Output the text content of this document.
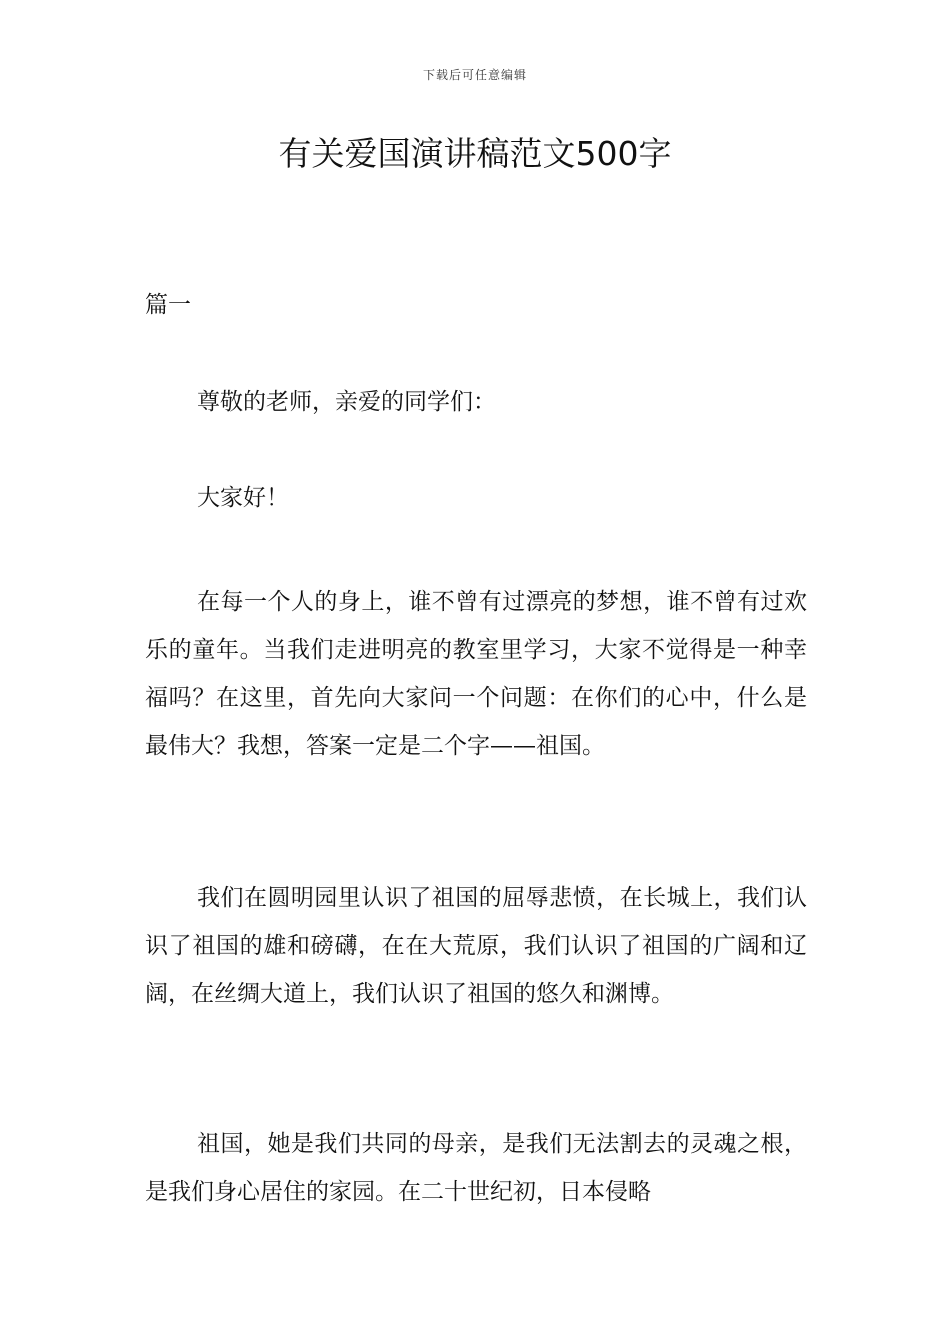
下载后可任意编辑
有关爱国演讲稿范文500字
篇一

尊敬的老师，亲爱的同学们：

大家好！

在每一个人的身上，谁不曾有过漂亮的梦想，谁不曾有过欢乐的童年。当我们走进明亮的教室里学习，大家不觉得是一种幸福吗？在这里，首先向大家问一个问题：在你们的心中，什么是最伟大？我想，答案一定是二个字——祖国。

我们在圆明园里认识了祖国的屈辱悲愤，在长城上，我们认识了祖国的雄和磅礴，在在大荒原，我们认识了祖国的广阔和辽阔，在丝绸大道上，我们认识了祖国的悠久和渊博。

祖国，她是我们共同的母亲，是我们无法割去的灵魂之根，是我们身心居住的家园。在二十世纪初，日本侵略
